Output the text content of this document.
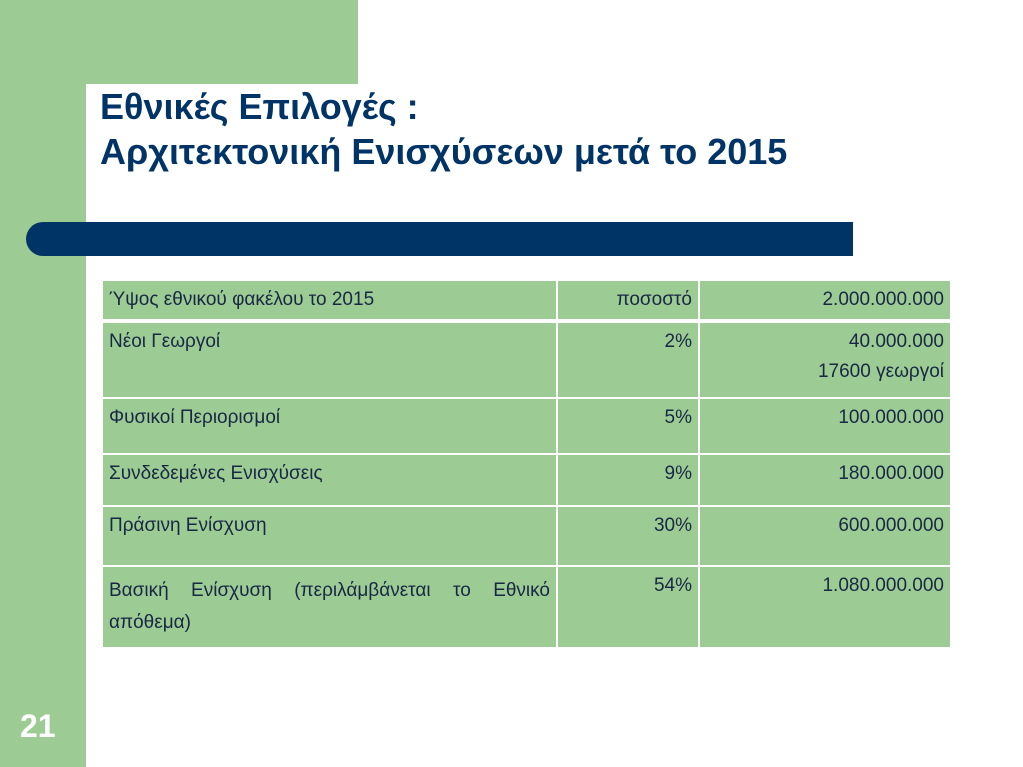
Εθνικές Επιλογές :
Αρχιτεκτονική Ενισχύσεων μετά το 2015
Ύψος εθνικού φακέλου το 2015	ποσοστό	2.000.000.000
Νέοι Γεωργοί	2%	40.000.000
17600 γεωργοί

Φυσικοί Περιορισμοί	5%	100.000.000
Συνδεδεμένες Ενισχύσεις	9%	180.000.000
Πράσινη Ενίσχυση	30%	600.000.000
Βασική Ενίσχυση (περιλάμβάνεται το Εθνικό απόθεμα)	54%	1.080.000.000
21
